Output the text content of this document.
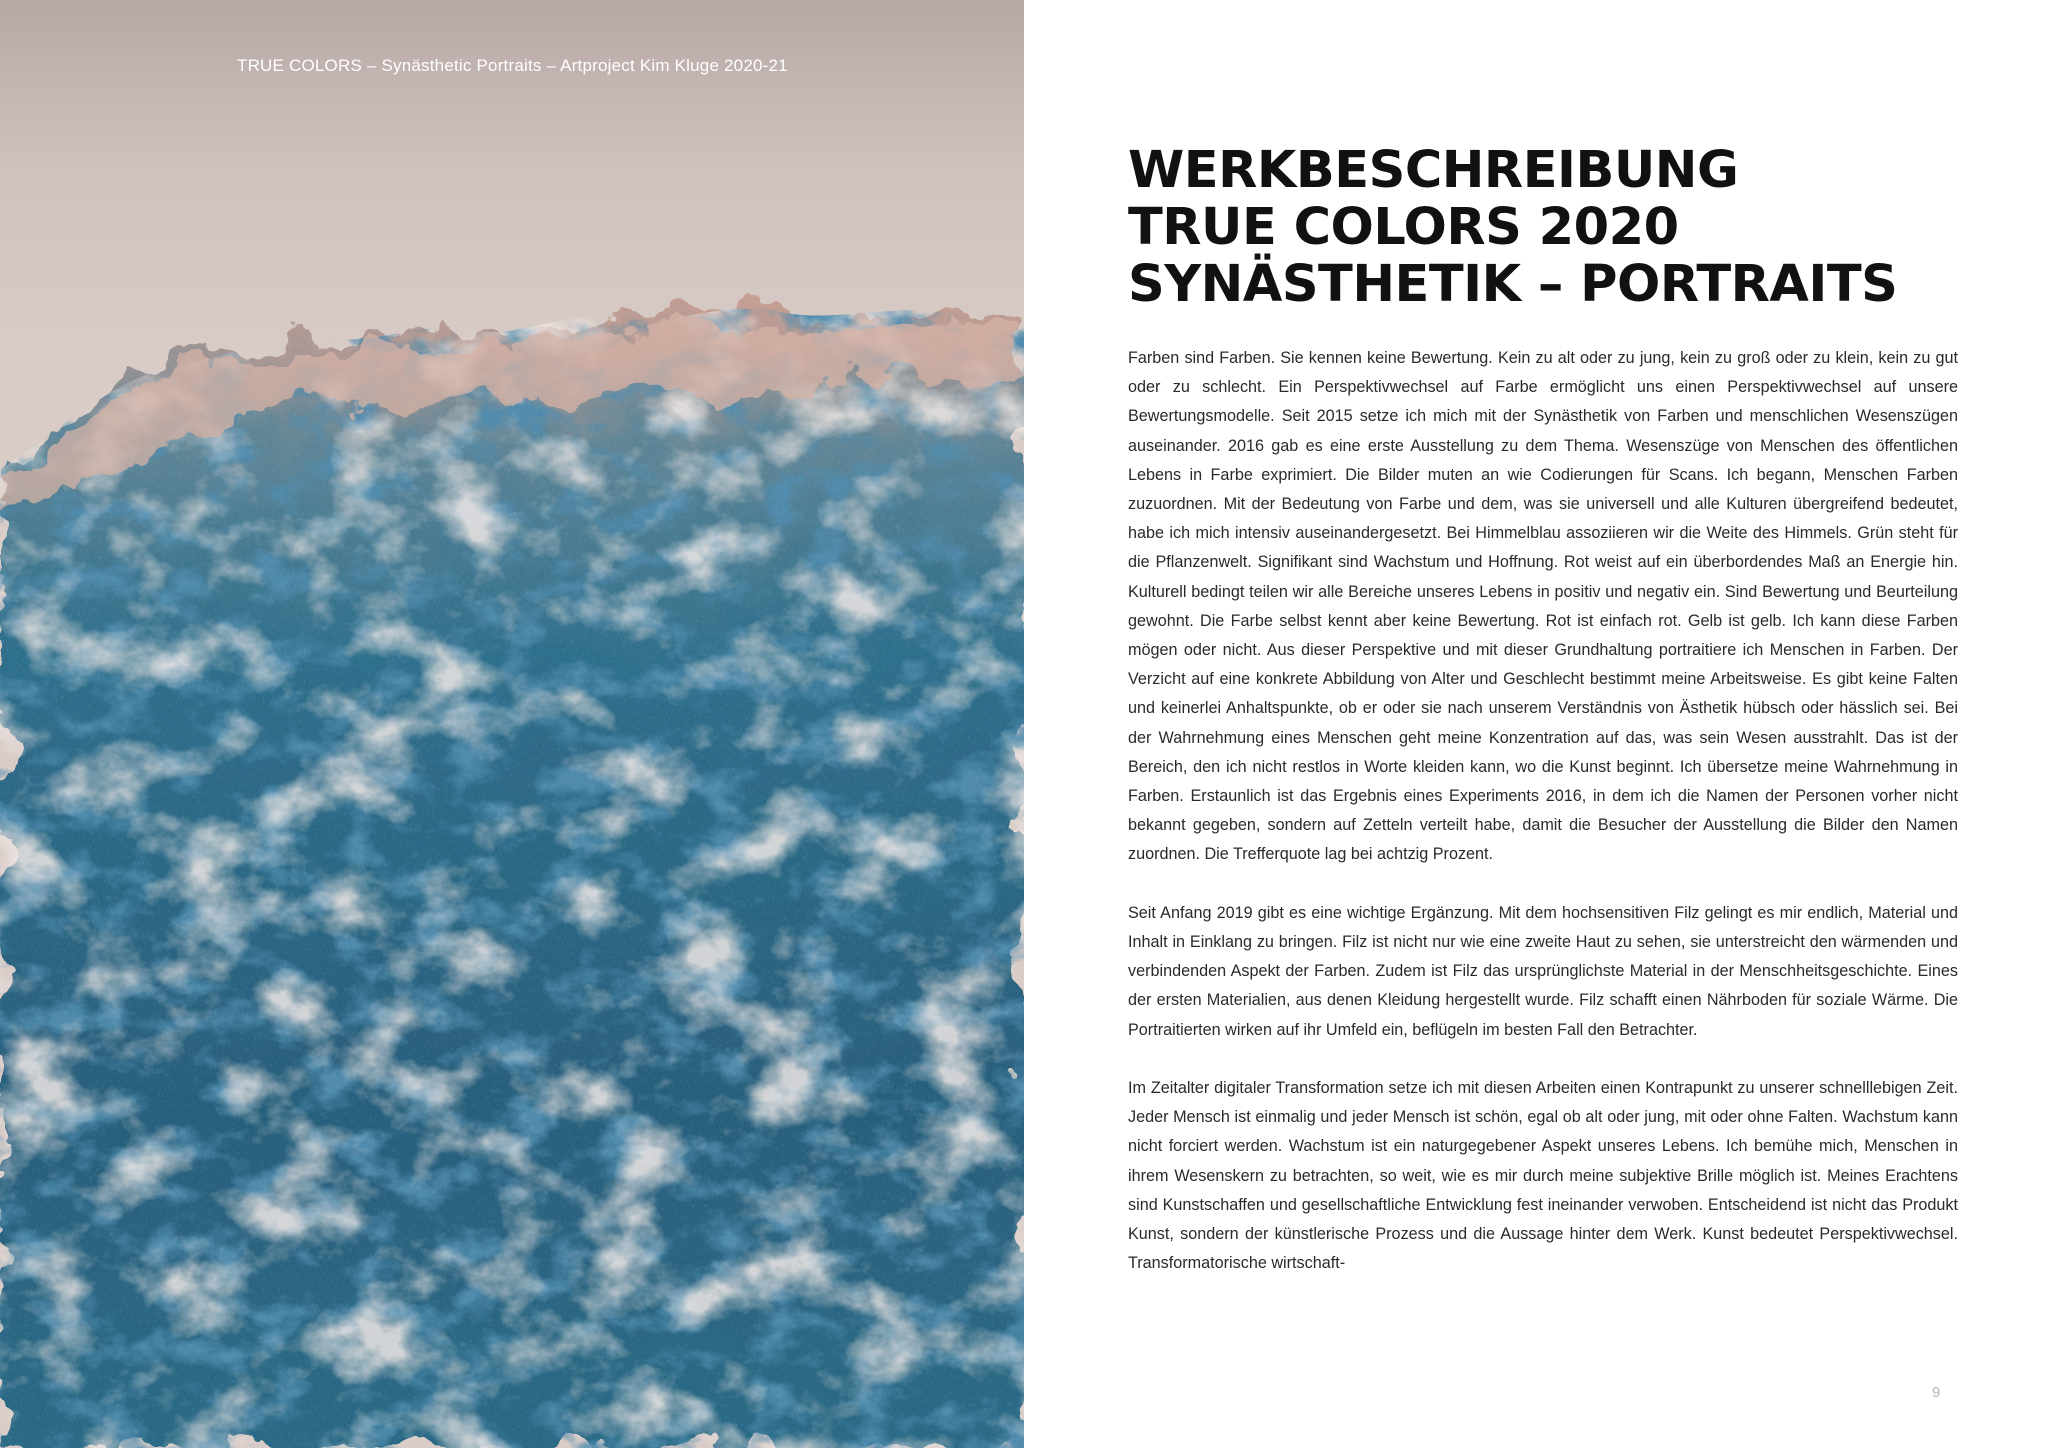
TRUE COLORS – Synästhetic Portraits – Artproject Kim Kluge 2020-21
WERKBESCHREIBUNG
TRUE COLORS 2020
SYNÄSTHETIK – PORTRAITS

Farben sind Farben. Sie kennen keine Bewertung. Kein zu alt oder zu jung, kein zu groß oder zu klein, kein zu gut oder zu schlecht. Ein Perspektivwechsel auf Farbe ermöglicht uns einen Perspektivwechsel auf unsere Bewertungsmodelle. Seit 2015 setze ich mich mit der Synästhetik von Farben und menschlichen Wesenszügen auseinander. 2016 gab es eine erste Ausstellung zu dem Thema. Wesenszüge von Menschen des öffentlichen Lebens in Farbe exprimiert. Die Bilder muten an wie Codierungen für Scans. Ich begann, Menschen Farben zuzuordnen. Mit der Bedeutung von Farbe und dem, was sie universell und alle Kulturen übergreifend bedeutet, habe ich mich intensiv auseinandergesetzt. Bei Himmelblau assoziieren wir die Weite des Himmels. Grün steht für die Pflanzenwelt. Signifikant sind Wachstum und Hoffnung. Rot weist auf ein überbordendes Maß an Energie hin. Kulturell bedingt teilen wir alle Bereiche unseres Lebens in positiv und negativ ein. Sind Bewertung und Beurteilung gewohnt. Die Farbe selbst kennt aber keine Bewertung. Rot ist einfach rot. Gelb ist gelb. Ich kann diese Farben mögen oder nicht. Aus dieser Perspektive und mit dieser Grundhaltung portraitiere ich Menschen in Farben. Der Verzicht auf eine konkrete Abbildung von Alter und Geschlecht bestimmt meine Arbeitsweise. Es gibt keine Falten und keinerlei Anhaltspunkte, ob er oder sie nach unserem Verständnis von Ästhetik hübsch oder hässlich sei. Bei der Wahrnehmung eines Menschen geht meine Konzentration auf das, was sein Wesen ausstrahlt. Das ist der Bereich, den ich nicht restlos in Worte kleiden kann, wo die Kunst beginnt. Ich übersetze meine Wahrnehmung in Farben. Erstaunlich ist das Ergebnis eines Experiments 2016, in dem ich die Namen der Personen vorher nicht bekannt gegeben, sondern auf Zetteln verteilt habe, damit die Besucher der Ausstellung die Bilder den Namen zuordnen. Die Trefferquote lag bei achtzig Prozent.

Seit Anfang 2019 gibt es eine wichtige Ergänzung. Mit dem hochsensitiven Filz gelingt es mir endlich, Material und Inhalt in Einklang zu bringen. Filz ist nicht nur wie eine zweite Haut zu sehen, sie unterstreicht den wärmenden und verbindenden Aspekt der Farben. Zudem ist Filz das ursprünglichste Material in der Menschheitsgeschichte. Eines der ersten Materialien, aus denen Kleidung hergestellt wurde. Filz schafft einen Nährboden für soziale Wärme. Die Portraitierten wirken auf ihr Umfeld ein, beflügeln im besten Fall den Betrachter.

Im Zeitalter digitaler Transformation setze ich mit diesen Arbeiten einen Kontrapunkt zu unserer schnelllebigen Zeit. Jeder Mensch ist einmalig und jeder Mensch ist schön, egal ob alt oder jung, mit oder ohne Falten. Wachstum kann nicht forciert werden. Wachstum ist ein naturgegebener Aspekt unseres Lebens. Ich bemühe mich, Menschen in ihrem Wesenskern zu betrachten, so weit, wie es mir durch meine subjektive Brille möglich ist. Meines Erachtens sind Kunstschaffen und gesellschaftliche Entwicklung fest ineinander verwoben. Entscheidend ist nicht das Produkt Kunst, sondern der künstlerische Prozess und die Aussage hinter dem Werk. Kunst bedeutet Perspektivwechsel. Transformatorische wirtschaft-

9
